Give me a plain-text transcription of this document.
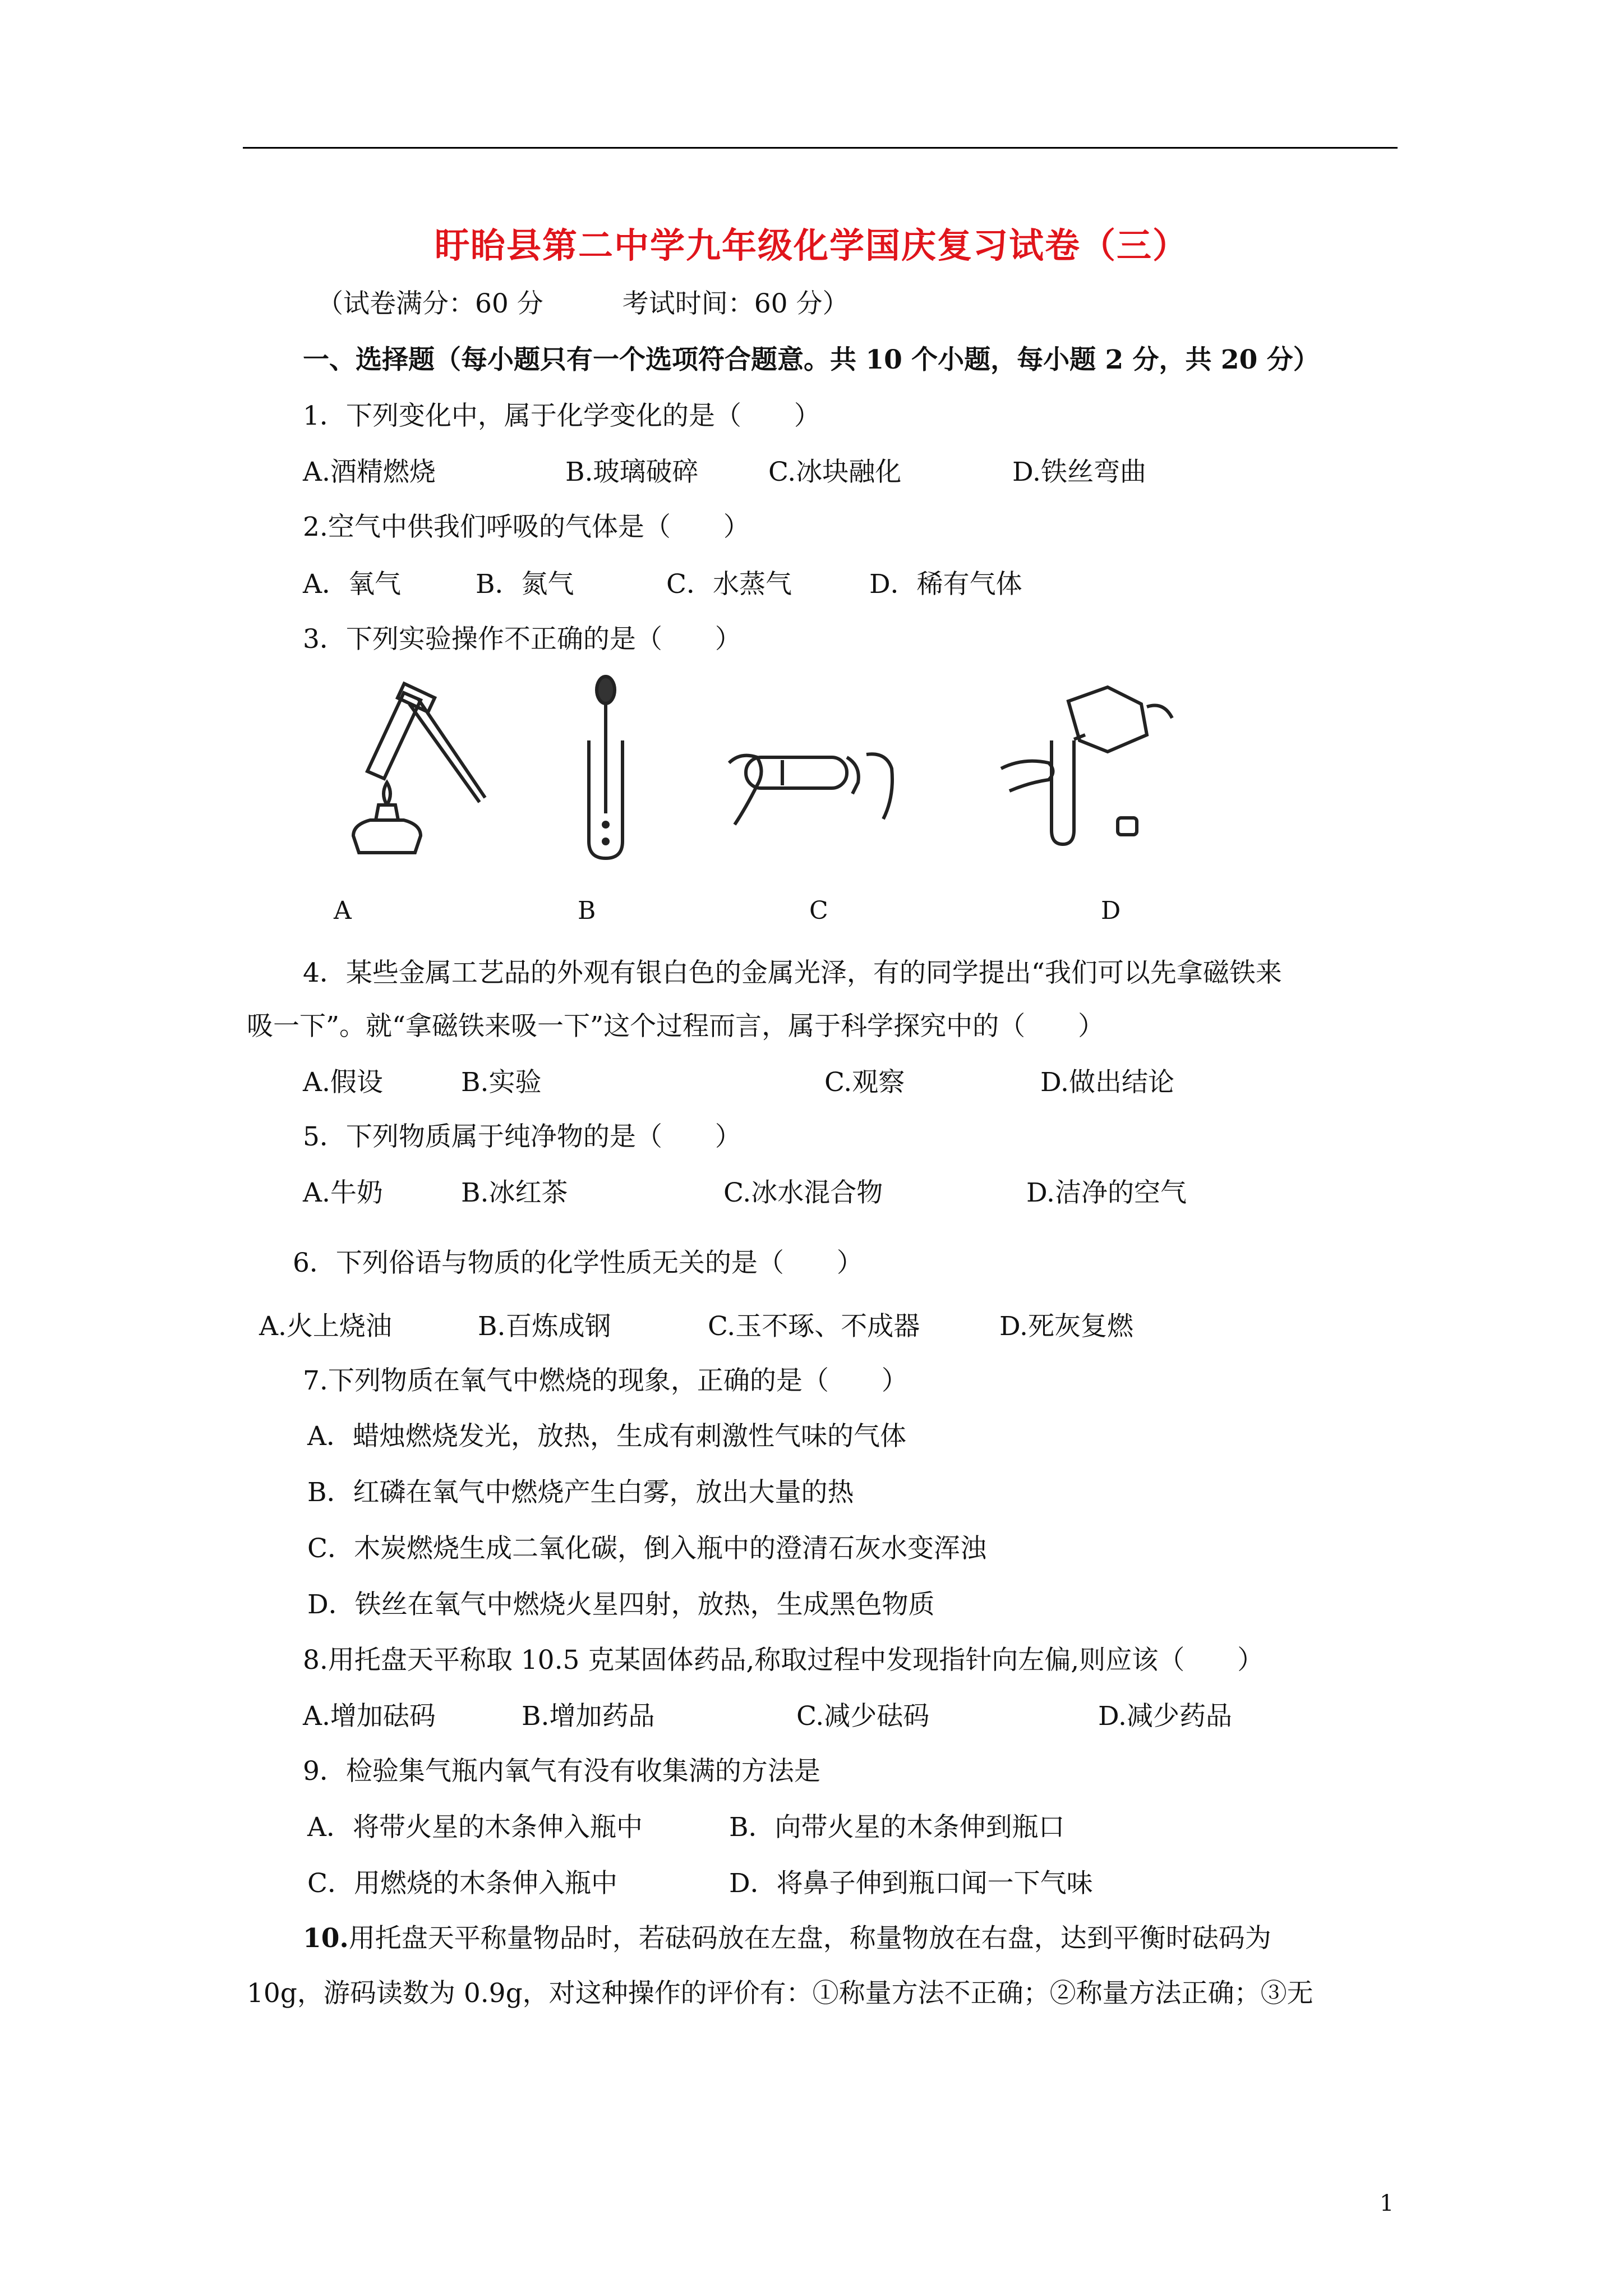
盱眙县第二中学九年级化学国庆复习试卷（三）
（试卷满分：60 分　　　考试时间：60 分）
一、选择题（每小题只有一个选项符合题意。共 10 个小题，每小题 2 分，共 20 分）
1．下列变化中，属于化学变化的是（　　）
A.酒精燃烧	B.玻璃破碎	C.冰块融化	D.铁丝弯曲
2.空气中供我们呼吸的气体是（　　）
A．氧气	B．氮气	C．水蒸气	D．稀有气体
3．下列实验操作不正确的是（　　）
A	B	C	D
4．某些金属工艺品的外观有银白色的金属光泽，有的同学提出“我们可以先拿磁铁来
吸一下”。就“拿磁铁来吸一下”这个过程而言，属于科学探究中的（　　）
A.假设	B.实验	C.观察	D.做出结论
5．下列物质属于纯净物的是（　　）
A.牛奶	B.冰红茶	C.冰水混合物	D.洁净的空气
6．下列俗语与物质的化学性质无关的是（　　）
A.火上烧油	B.百炼成钢	C.玉不琢、不成器	D.死灰复燃
7.下列物质在氧气中燃烧的现象，正确的是（　　）
A．蜡烛燃烧发光，放热，生成有刺激性气味的气体
B．红磷在氧气中燃烧产生白雾，放出大量的热
C．木炭燃烧生成二氧化碳，倒入瓶中的澄清石灰水变浑浊
D．铁丝在氧气中燃烧火星四射，放热，生成黑色物质
8.用托盘天平称取 10.5 克某固体药品,称取过程中发现指针向左偏,则应该（　　）
A.增加砝码	B.增加药品	C.减少砝码	D.减少药品
9．检验集气瓶内氧气有没有收集满的方法是
A．将带火星的木条伸入瓶中	B．向带火星的木条伸到瓶口
C．用燃烧的木条伸入瓶中	D．将鼻子伸到瓶口闻一下气味
10.用托盘天平称量物品时，若砝码放在左盘，称量物放在右盘，达到平衡时砝码为
10g，游码读数为 0.9g，对这种操作的评价有：①称量方法不正确；②称量方法正确；③无
1
